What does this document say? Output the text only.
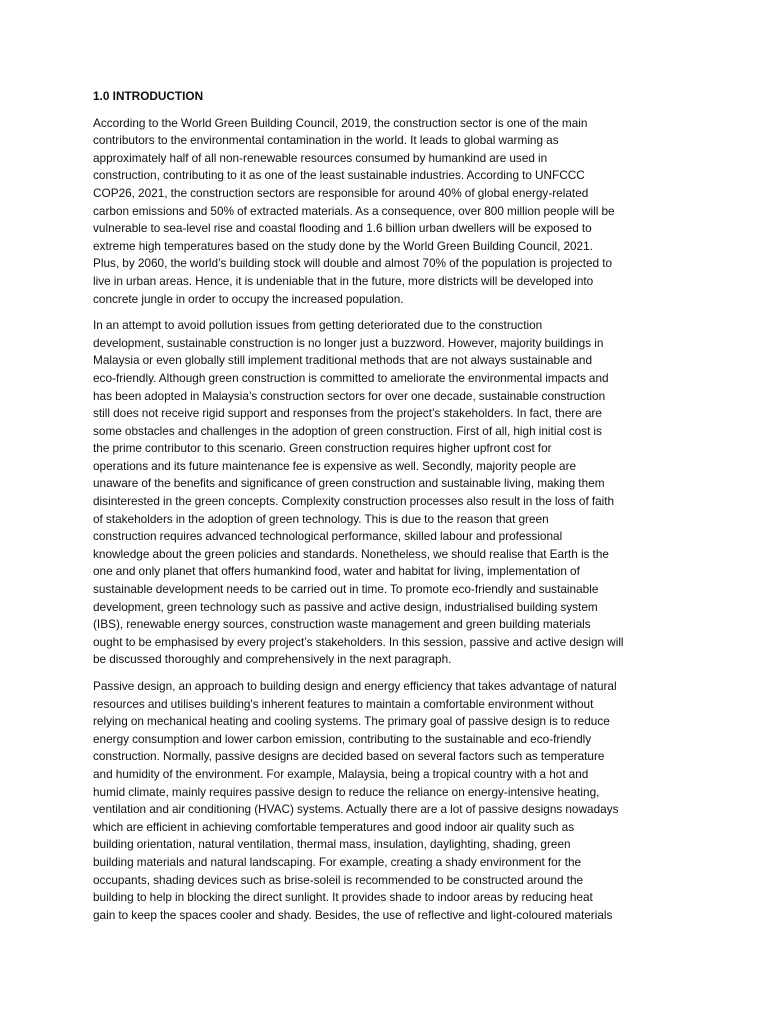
1.0 INTRODUCTION
According to the World Green Building Council, 2019, the construction sector is one of the main
contributors to the environmental contamination in the world. It leads to global warming as
approximately half of all non-renewable resources consumed by humankind are used in
construction, contributing to it as one of the least sustainable industries. According to UNFCCC
COP26, 2021, the construction sectors are responsible for around 40% of global energy-related
carbon emissions and 50% of extracted materials. As a consequence, over 800 million people will be
vulnerable to sea-level rise and coastal flooding and 1.6 billion urban dwellers will be exposed to
extreme high temperatures based on the study done by the World Green Building Council, 2021.
Plus, by 2060, the world’s building stock will double and almost 70% of the population is projected to
live in urban areas. Hence, it is undeniable that in the future, more districts will be developed into
concrete jungle in order to occupy the increased population.
In an attempt to avoid pollution issues from getting deteriorated due to the construction
development, sustainable construction is no longer just a buzzword. However, majority buildings in
Malaysia or even globally still implement traditional methods that are not always sustainable and
eco-friendly. Although green construction is committed to ameliorate the environmental impacts and
has been adopted in Malaysia’s construction sectors for over one decade, sustainable construction
still does not receive rigid support and responses from the project’s stakeholders. In fact, there are
some obstacles and challenges in the adoption of green construction. First of all, high initial cost is
the prime contributor to this scenario. Green construction requires higher upfront cost for
operations and its future maintenance fee is expensive as well. Secondly, majority people are
unaware of the benefits and significance of green construction and sustainable living, making them
disinterested in the green concepts. Complexity construction processes also result in the loss of faith
of stakeholders in the adoption of green technology. This is due to the reason that green
construction requires advanced technological performance, skilled labour and professional
knowledge about the green policies and standards. Nonetheless, we should realise that Earth is the
one and only planet that offers humankind food, water and habitat for living, implementation of
sustainable development needs to be carried out in time. To promote eco-friendly and sustainable
development, green technology such as passive and active design, industrialised building system
(IBS), renewable energy sources, construction waste management and green building materials
ought to be emphasised by every project’s stakeholders. In this session, passive and active design will
be discussed thoroughly and comprehensively in the next paragraph.
Passive design, an approach to building design and energy efficiency that takes advantage of natural
resources and utilises building's inherent features to maintain a comfortable environment without
relying on mechanical heating and cooling systems. The primary goal of passive design is to reduce
energy consumption and lower carbon emission, contributing to the sustainable and eco-friendly
construction. Normally, passive designs are decided based on several factors such as temperature
and humidity of the environment. For example, Malaysia, being a tropical country with a hot and
humid climate, mainly requires passive design to reduce the reliance on energy-intensive heating,
ventilation and air conditioning (HVAC) systems. Actually there are a lot of passive designs nowadays
which are efficient in achieving comfortable temperatures and good indoor air quality such as
building orientation, natural ventilation, thermal mass, insulation, daylighting, shading, green
building materials and natural landscaping. For example, creating a shady environment for the
occupants, shading devices such as brise-soleil is recommended to be constructed around the
building to help in blocking the direct sunlight. It provides shade to indoor areas by reducing heat
gain to keep the spaces cooler and shady. Besides, the use of reflective and light-coloured materials
